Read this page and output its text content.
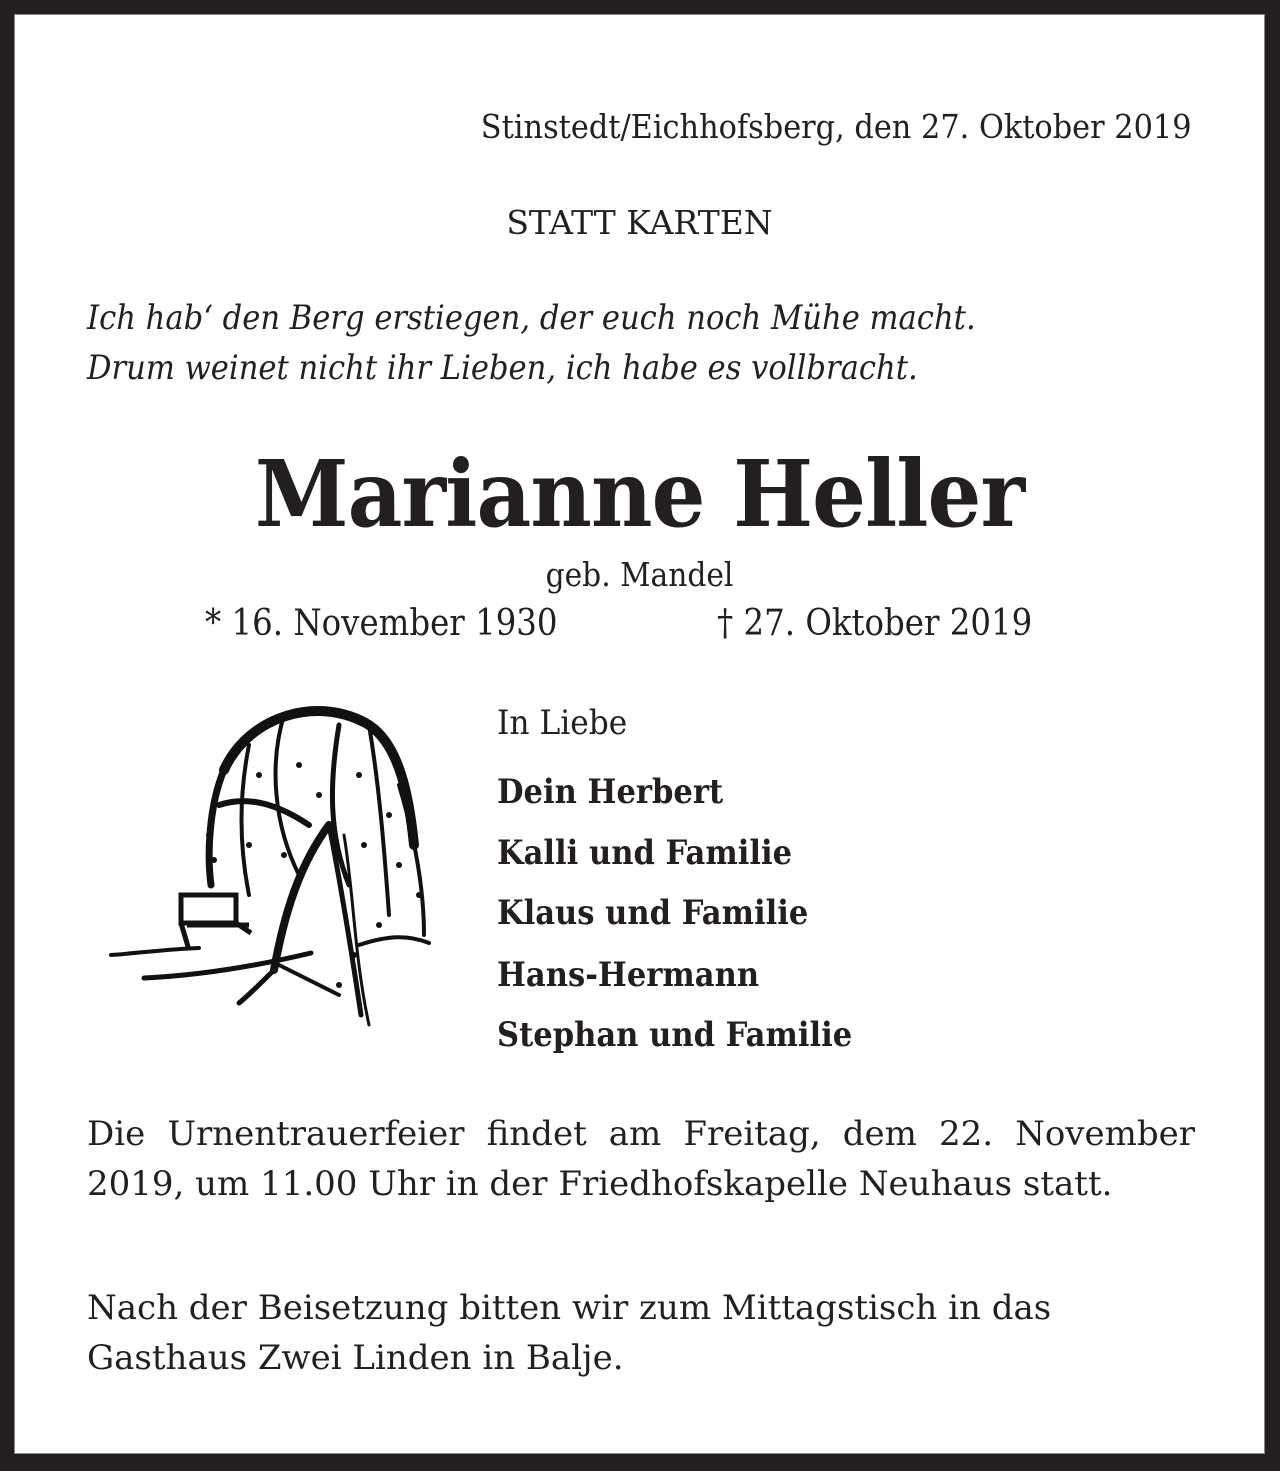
Stinstedt/Eichhofsberg, den 27. Oktober 2019
STATT KARTEN
Ich hab‘ den Berg erstiegen, der euch noch Mühe macht.
Drum weinet nicht ihr Lieben, ich habe es vollbracht.
Marianne Heller
geb. Mandel
* 16. November 1930	† 27. Oktober 2019
In Liebe
Dein Herbert
Kalli und Familie
Klaus und Familie
Hans-Hermann
Stephan und Familie
Die Urnentrauerfeier findet am Freitag, dem 22. November 2019, um 11.00 Uhr in der Friedhofskapelle Neuhaus statt.
Nach der Beisetzung bitten wir zum Mittagstisch in das Gasthaus Zwei Linden in Balje.
